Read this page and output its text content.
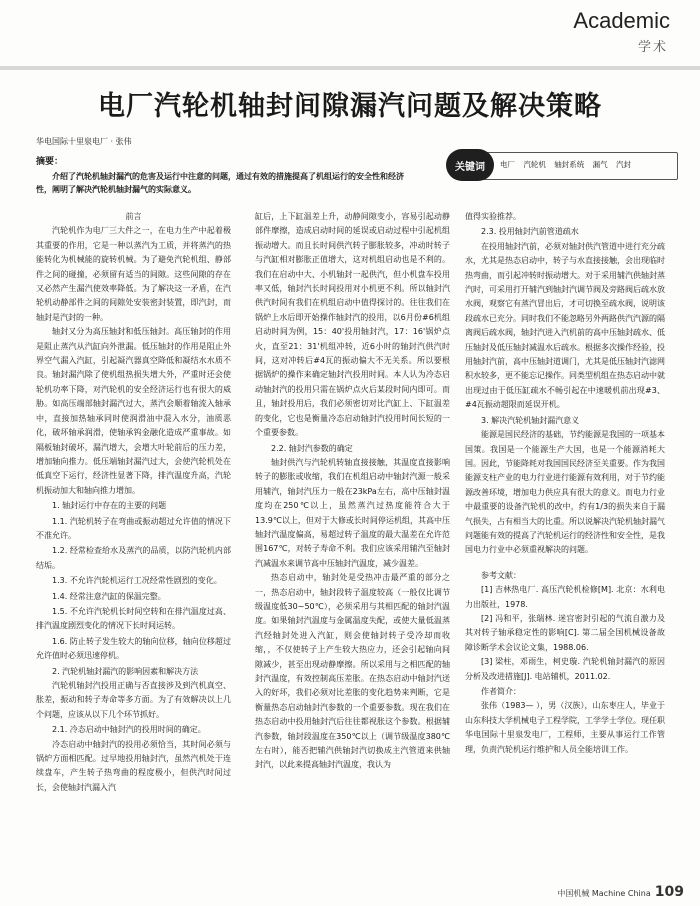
Academic
学术
电厂汽轮机轴封间隙漏汽问题及解决策略
华电国际十里泉电厂 · 张伟
摘要：
介绍了汽轮机轴封漏汽的危害及运行中注意的问题，通过有效的措施提高了机组运行的安全性和经济性，阐明了解决汽轮机轴封漏气的实际意义。
关键词	电厂 汽轮机 轴封系统 漏气 汽封

前言

汽轮机作为电厂三大件之一，在电力生产中起着极其重要的作用，它是一种以蒸汽为工质，并将蒸汽的热能转化为机械能的旋转机械。为了避免汽轮机组、静部件之间的碰撞，必须留有适当的间隙。这些间隙的存在又必然产生漏汽使效率降低。为了解决这一矛盾，在汽轮机动静部件之间的间隙处安装密封装置，即汽封，而轴封是汽封的一种。

轴封又分为高压轴封和低压轴封。高压轴封的作用是阻止蒸汽从汽缸向外泄漏。低压轴封的作用是阻止外界空气漏入汽缸，引起凝汽器真空降低和凝结水水质不良。轴封漏汽除了使机组热损失增大外，严重时还会使轮机功率下降，对汽轮机的安全经济运行也有很大的威胁。如高压端部轴封漏汽过大，蒸汽会顺着轴流入轴承中，直接加热轴承同时使润滑油中混入水分，油质恶化，破坏轴承润滑，使轴承钨金融化造成严重事故。如隔板轴封破坏，漏汽增大，会增大叶轮前后的压力差，增加轴向推力。低压端轴封漏汽过大，会使汽轮机处在低真空下运行，经济性显著下降，排汽温度升高，汽轮机振动加大和轴向推力增加。

1. 轴封运行中存在的主要的问题

1.1. 汽轮机转子在弯曲或振动超过允许值的情况下不准允许。

1.2. 经常检查给水及蒸汽的品质，以防汽轮机内部结垢。

1.3. 不允许汽轮机运行工况经常性剧烈的变化。

1.4. 经常注意汽缸的保温完整。

1.5. 不允许汽轮机长时间空转和在排汽温度过高、排汽温度剧烈变化的情况下长时间运转。

1.6. 防止转子发生较大的轴向位移，轴向位移超过允许值时必须迅速停机。

2. 汽轮机轴封漏汽的影响因素和解决方法

汽轮机轴封汽投用正确与否直接涉及到汽机真空、胀差，振动和转子寿命等多方面。为了有效解决以上几个问题，应该从以下几个环节抓好。

2.1. 冷态启动中轴封汽的投用时间的确定。

冷态启动中轴封汽的投用必须恰当，其时间必须与锅炉方面相匹配。过早地投用轴封汽，虽然汽机处于连续盘车，产生转子热弯曲的程度极小，但供汽时间过长，会使轴封汽漏入汽

缸后，上下缸温差上升，动静间隙变小，容易引起动静部件摩擦，造成启动时间的延误或启动过程中引起机组振动增大。而且长时间供汽转子膨胀较多，冲动时转子与汽缸相对膨胀正值增大，这对机组启动也是不利的。我们在启动中大、小机轴封一起供汽，但小机盘车投用率又低，轴封汽长时间投用对小机更不利。所以轴封汽供汽时间有我们在机组启动中值得探讨的。往往我们在锅炉上水后即开始操作轴封汽的投用，以6月份#6机组启动时间为例，15：40'投用轴封汽，17：16'锅炉点火，直至21：31'机组冲转，近6小时的轴封汽供汽时间，这对冲转后#4瓦的振动偏大不无关系。所以要根据锅炉的操作来确定轴封汽投用时间。本人认为冷态启动轴封汽的投用只需在锅炉点火后某段时间内即可。而且，轴封投用后，我们必须密切对比汽缸上、下缸温差的变化，它也是衡量冷态启动轴封汽投用时间长短的一个重要参数。

2.2. 轴封汽参数的确定

轴封供汽与汽轮机转轴直接接触，其温度直接影响转子的膨胀或收缩，我们在机组启动中轴封汽源一般采用辅汽，轴封汽压力一般在23kPa左右，高中压轴封温度均在250℃以上，虽然蒸汽过热度能符合大于13.9℃以上，但对于大修或长时间停运机组，其高中压轴封汽温度偏高，易超过转子温度的最大温差在允许范围167℃，对转子寿命不利。我们应该采用辅汽至轴封汽减温水来调节高中压轴封汽温度，减少温差。

热态启动中，轴封处是受热冲击最严重的部分之一，热态启动中，轴封段转子温度较高（一般仅比调节级温度低30~50℃），必须采用与其相匹配的轴封汽温度。如果轴封汽温度与金属温度失配，或使大量低温蒸汽经轴封处进入汽缸，则会使轴封转子受冷却而收缩，，不仅使转子上产生较大热应力，还会引起轴向间隙减少，甚至出现动静摩擦。所以采用与之相匹配的轴封汽温度，有效控制高压差胀。在热态启动中轴封汽送入的好坏，我们必须对比差胀的变化趋势来判断，它是衡量热态启动轴封汽参数的一个重要参数。现在我们在热态启动中投用轴封汽后往往都视胀这个参数。根据辅汽参数，轴封段温度在350℃以上（调节级温度380℃左右时），能否把辅汽供轴封汽切换成主汽管道来供轴封汽，以此来提高轴封汽温度，我认为

值得实验推荐。

2.3. 投用轴封汽前管道疏水

在投用轴封汽前，必须对轴封供汽管道中进行充分疏水，尤其是热态启动中，转子与水直接接触，会出现临时热弯曲，而引起冲转时振动增大。对于采用辅汽供轴封蒸汽时，可采用打开辅汽到轴封汽调节阀及旁路阀后疏水放水阀，观察它有蒸汽冒出后，才可切换至疏水阀，说明该段疏水已充分。同时我们不能忽略另外两路供汽汽源的隔离阀后疏水阀，轴封汽进入汽机前的高中压轴封疏水、低压轴封及低压轴封减温水后疏水。根据多次操作经验，投用轴封汽前，高中压轴封道调门，尤其是低压轴封汽滤网积水较多，更不能忘记操作。同类型机组在热态启动中就出现过由于低压缸疏水不畅引起在中速暖机前出现#3、#4瓦振动超限而延误开机。

3. 解决汽轮机轴封漏汽意义

能源是国民经济的基础，节约能源是我国的一项基本国策。我国是一个能源生产大国，也是一个能源消耗大国。因此，节能降耗对我国国民经济至关重要。作为我国能源支柱产业的电力行业进行能源有效利用，对于节约能源改善环境，增加电力供应具有很大的意义。而电力行业中最重要的设备汽轮机的改中，约有1/3的损失来自于漏气损失，占有相当大的比重。所以说解决汽轮机轴封漏气问题能有效的提高了汽轮机运行的经济性和安全性，是我国电力行业中必须重视解决的问题。

参考文献：

[1] 吉林热电厂. 高压汽轮机检修[M]. 北京：水利电力出版社，1978.

[2] 冯和平，张瑞林. 迷宫密封引起的气流自激力及其对转子轴承稳定性的影响[C]. 第二届全国机械设备故障诊断学术会议论文集，1988.06.

[3] 梁柱，邓雨生，柯史璇. 汽轮机轴封漏汽的原因分析及改进措施[J]. 电站辅机，2011.02.

作者简介：

张伟（1983— ），男（汉族），山东枣庄人，毕业于山东科技大学机械电子工程学院，工学学士学位。现任职华电国际十里泉发电厂，工程师，主要从事运行工作管理，负责汽轮机运行维护和人员全能培训工作。

中国机械 Machine China 109
